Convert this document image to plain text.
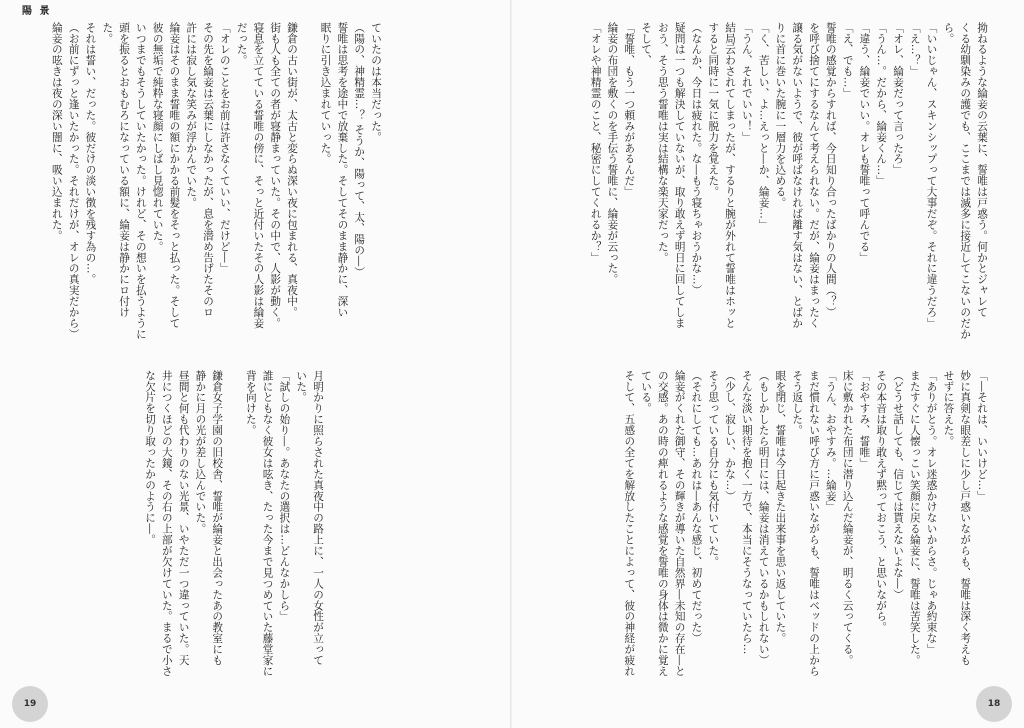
陽 景
ていたのは本当だった。
（陽の、神精霊…？ そうか、陽って、太、陽の―）
誓唯は思考を途中で放棄した。そしてそのまま静かに、深い
眠りに引き込まれていった。

鎌倉の古い街が、太古と変らぬ深い夜に包まれる、真夜中。
街も人も全ての者が寝静まっていた。その中で、人影が動く。
寝息を立てている誓唯の傍に、そっと近付いたその人影は綸妾
だった。
「オレのことをお前は許さなくていい、だけど―」
その先を綸妾は云葉にしなかったが、息を潜め告げたそのロ
許には寂し気な笑みが浮かんでいた。
綸妾はそのまま誓唯の額にかかる前髪をそっと払った。そして
彼の無垢で純粋な寝顔にしばし見惚れていた。
いつまでもそうしていたかった。けれど、その想いを払うように
頭を振るとおもむろになっている額に、綸妾は静かにロ付け
た。
それは誓い、だった。彼だけの淡い徴を残す為の…。
（お前にずっと逢いたかった。それだけが、オレの真実だから）
綸妾の呟きは夜の深い闇に、吸い込まれた。
月明かりに照らされた真夜中の路上に、一人の女性が立って
いた。
「試しの始り―。あなたの選択は…どんなかしら」
誰にともなく彼女は呟き、たった今まで見つめていた藤堂家に
背を向けた。

鎌倉女子学園の旧校舎、誓唯が綸妾と出会ったあの教室にも
静かに月の光が差し込んでいた。
昼間と何も代わりのない光景、いやただ一つ違っていた。天
井につくほどの大鏡、その右の上部が欠けていた。まるで小さ
な欠片を切り取ったかのように―。
19
拗ねるような綸妾の云葉に、誓唯は戸惑う。何かとジャレて
くる幼馴染みの護でも、ここまでは滅多に接近してこないのだか
ら。
「いいじゃん、スキンシップって大事だぞ。それに違うだろ」
「え…？」
「オレ、綸妾だって言ったろ」
「うん…。だから、綸妾くん…」
「違う、綸妾でいい。オレも誓唯って呼んでる」
「え、でも…」
誓唯の感覚からすれば、今日知り合ったばかりの人間（？）
を呼び捨てにするなんて考えられない。だが、綸妾はまったく
譲る気がないようで、彼が呼ばなければ離す気はない、とばか
りに首に巻いた腕に一層力を込める。
「く、苦しい、よ…えっと―か、綸妾…」
「うん、それでいい！」
結局云わされてしまったが、するりと腕が外れて誓唯はホッと
すると同時に一気に脱力を覚えた。
（なんか、今日は疲れた。な―もう寝ちゃおうかな…）
疑問は一つも解決していないが、取り敢えず明日に回してしま
おう、そう思う誓唯は実は結構な楽天家だった。
そして、
「誓唯、もう一つ頼みがあるんだ」
綸妾の布団を敷くのを手伝う誓唯に、綸妾が云った。
「オレや神精霊のこと、秘密にしてくれるか？」
「―それは、いいけど…」
妙に真剣な眼差しに少し戸惑いながらも、誓唯は深く考えも
せずに答えた。
「ありがとう。オレ迷惑かけないからさ。じゃあ約束な」
またすぐに人懐っこい笑顔に戻る綸妾に、誓唯は苦笑した。
（どうせ話しても、信じては貰えないよな―）
その本音は取り敢えず黙っておこう、と思いながら。
「おやすみ、誓唯」
床に敷かれた布団に潜り込んだ綸妾が、明るく云ってくる。
「うん、おやすみ。…綸妾」
まだ慣れない呼び方に戸惑いながらも、誓唯はベッドの上から
そう返した。
眼を閉じ、誓唯は今日起きた出来事を思い返していた。
（もしかしたら明日には、綸妾は消えているかもしれない）
そんな淡い期待を抱く一方で、本当にそうなっていたら…
（少し、寂しい、かな…）
そう思っている自分にも気付いていた。
（それにしても…あれは―あんな感じ、初めてだった）
綸妾がくれた御守、その輝きが導いた自然界―未知の存在―と
の交感。あの時の痺れるような感覚を誓唯の身体は微かに覚え
ている。
そして、五感の全てを解放したことによって、彼の神経が疲れ
18
